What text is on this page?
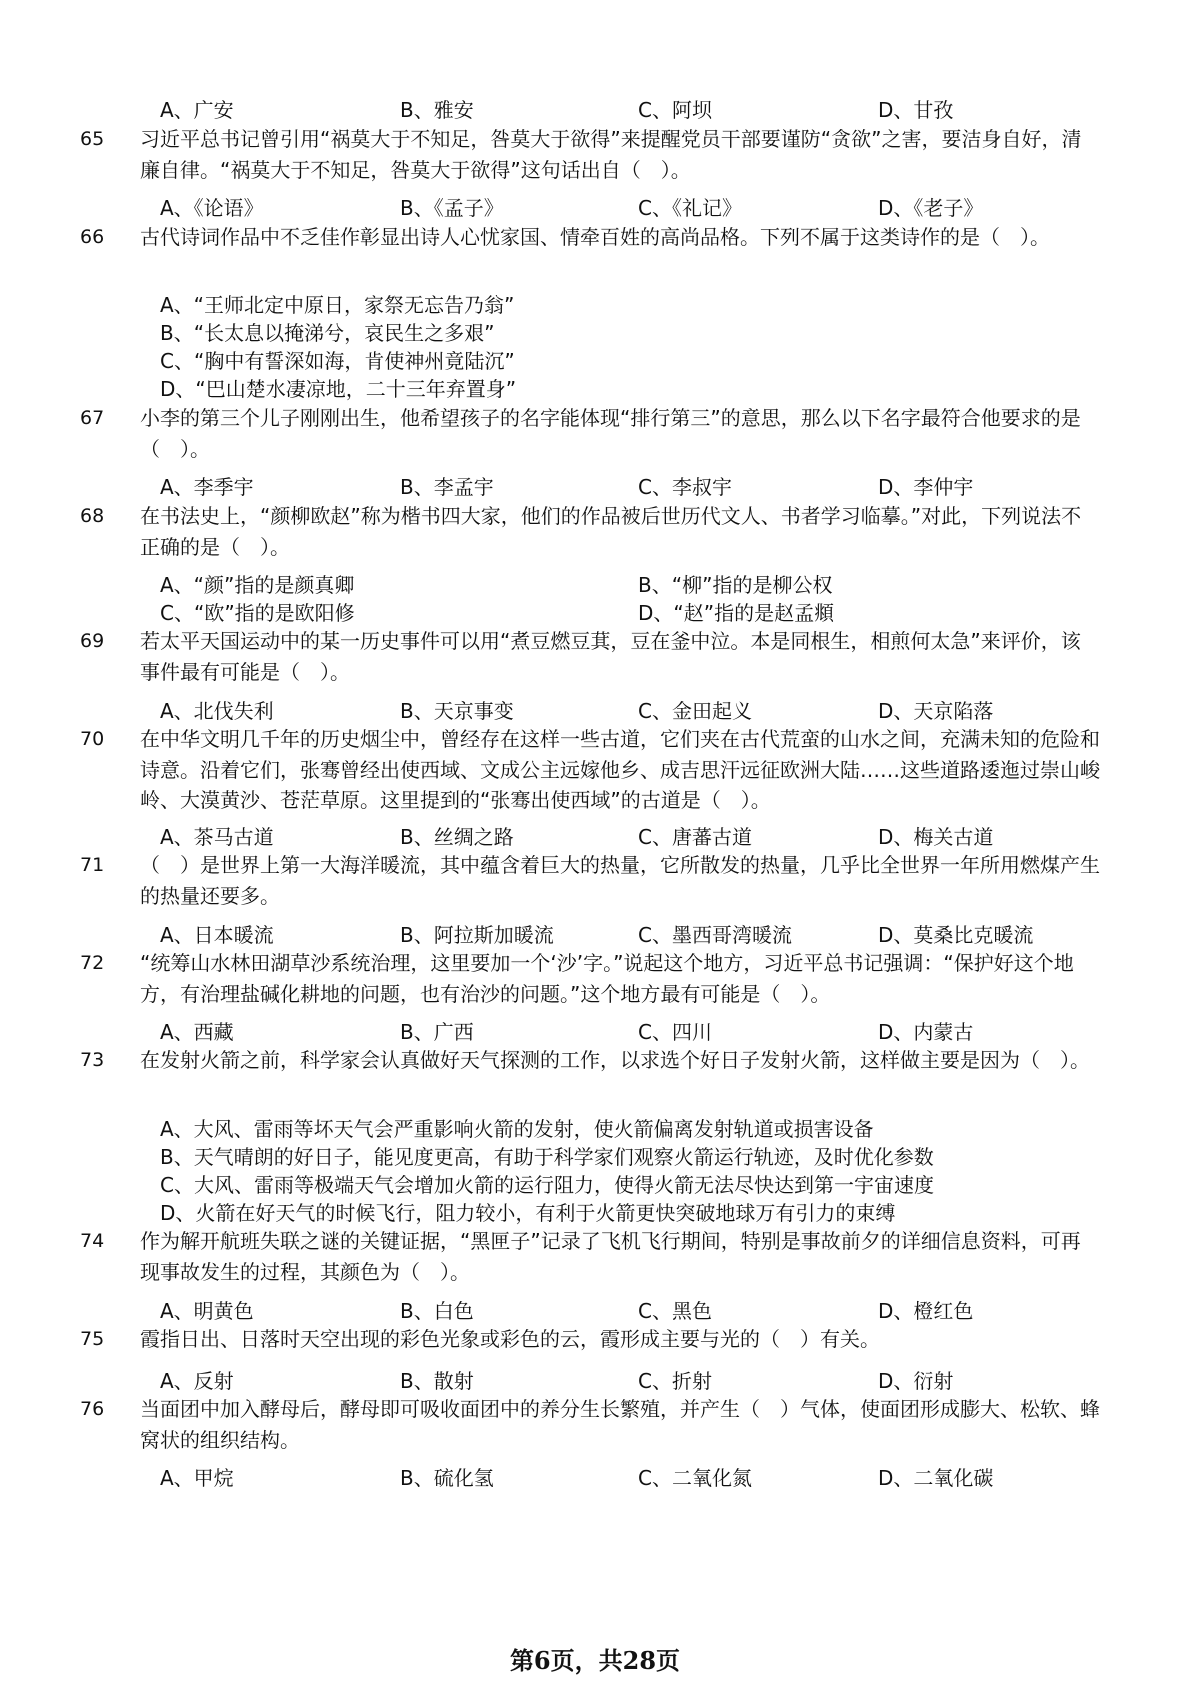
A、广安	B、雅安	C、阿坝	D、甘孜
65	习近平总书记曾引用“祸莫大于不知足，咎莫大于欲得”来提醒党员干部要谨防“贪欲”之害，要洁身自好，清廉自律。“祸莫大于不知足，咎莫大于欲得”这句话出自（　）。
A、《论语》	B、《孟子》	C、《礼记》	D、《老子》
66	古代诗词作品中不乏佳作彰显出诗人心忧家国、情牵百姓的高尚品格。下列不属于这类诗作的是（　）。
A、“王师北定中原日，家祭无忘告乃翁”
B、“长太息以掩涕兮，哀民生之多艰”
C、“胸中有誓深如海，肯使神州竟陆沉”
D、“巴山楚水凄凉地，二十三年弃置身”
67	小李的第三个儿子刚刚出生，他希望孩子的名字能体现“排行第三”的意思，那么以下名字最符合他要求的是（　）。
A、李季宇	B、李孟宇	C、李叔宇	D、李仲宇
68	在书法史上，“颜柳欧赵”称为楷书四大家，他们的作品被后世历代文人、书者学习临摹。”对此，下列说法不正确的是（　）。
A、“颜”指的是颜真卿	B、“柳”指的是柳公权
C、“欧”指的是欧阳修	D、“赵”指的是赵孟頫
69	若太平天国运动中的某一历史事件可以用“煮豆燃豆萁，豆在釜中泣。本是同根生，相煎何太急”来评价，该事件最有可能是（　）。
A、北伐失利	B、天京事变	C、金田起义	D、天京陷落
70	在中华文明几千年的历史烟尘中，曾经存在这样一些古道，它们夹在古代荒蛮的山水之间，充满未知的危险和诗意。沿着它们，张骞曾经出使西域、文成公主远嫁他乡、成吉思汗远征欧洲大陆……这些道路逶迤过崇山峻岭、大漠黄沙、苍茫草原。这里提到的“张骞出使西域”的古道是（　）。
A、茶马古道	B、丝绸之路	C、唐蕃古道	D、梅关古道
71	（　）是世界上第一大海洋暖流，其中蕴含着巨大的热量，它所散发的热量，几乎比全世界一年所用燃煤产生的热量还要多。
A、日本暖流	B、阿拉斯加暖流	C、墨西哥湾暖流	D、莫桑比克暖流
72	“统筹山水林田湖草沙系统治理，这里要加一个‘沙’字。”说起这个地方，习近平总书记强调：“保护好这个地方，有治理盐碱化耕地的问题，也有治沙的问题。”这个地方最有可能是（　）。
A、西藏	B、广西	C、四川	D、内蒙古
73	在发射火箭之前，科学家会认真做好天气探测的工作，以求选个好日子发射火箭，这样做主要是因为（　）。
A、大风、雷雨等坏天气会严重影响火箭的发射，使火箭偏离发射轨道或损害设备
B、天气晴朗的好日子，能见度更高，有助于科学家们观察火箭运行轨迹，及时优化参数
C、大风、雷雨等极端天气会增加火箭的运行阻力，使得火箭无法尽快达到第一宇宙速度
D、火箭在好天气的时候飞行，阻力较小，有利于火箭更快突破地球万有引力的束缚
74	作为解开航班失联之谜的关键证据，“黑匣子”记录了飞机飞行期间，特别是事故前夕的详细信息资料，可再现事故发生的过程，其颜色为（　）。
A、明黄色	B、白色	C、黑色	D、橙红色
75	霞指日出、日落时天空出现的彩色光象或彩色的云，霞形成主要与光的（　）有关。
A、反射	B、散射	C、折射	D、衍射
76	当面团中加入酵母后，酵母即可吸收面团中的养分生长繁殖，并产生（　）气体，使面团形成膨大、松软、蜂窝状的组织结构。
A、甲烷	B、硫化氢	C、二氧化氮	D、二氧化碳
第6页，共28页
